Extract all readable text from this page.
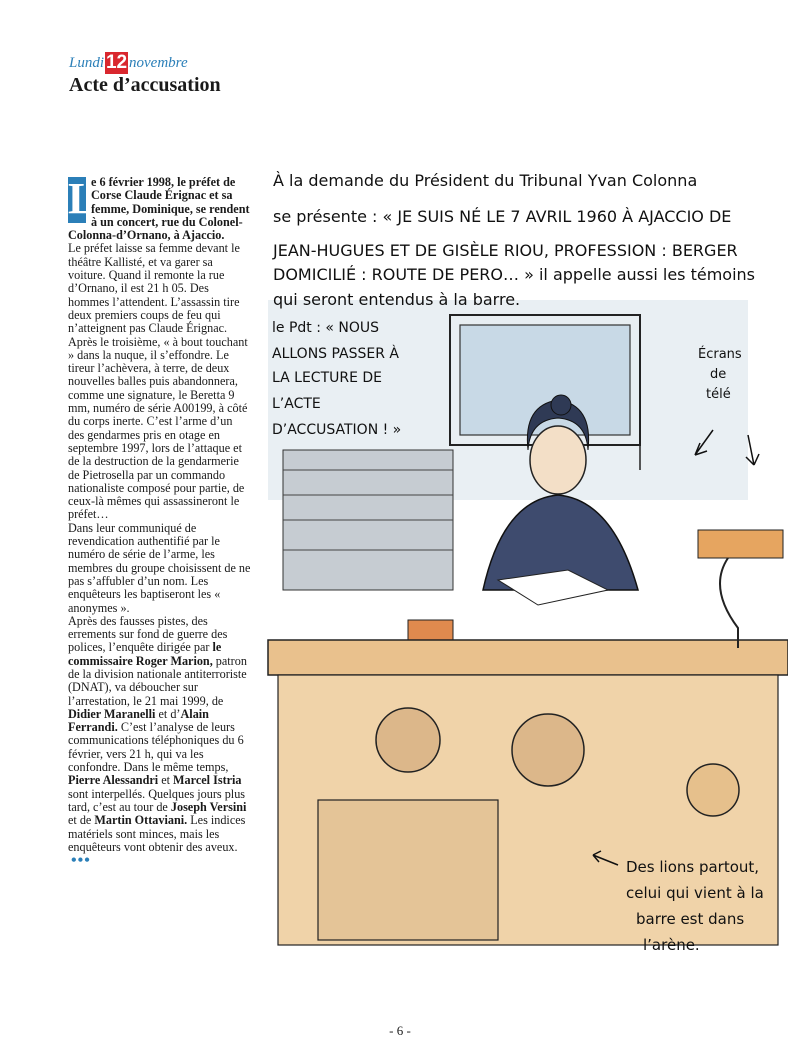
Lundi 12 novembre
Acte d’accusation
L

e 6 février 1998, le préfet de Corse Claude Érignac et sa femme, Dominique, se rendent à un concert, rue du Colonel-Colonna-d’Ornano, à Ajaccio.

Le préfet laisse sa femme devant le théâtre Kallisté, et va garer sa voiture. Quand il remonte la rue d’Ornano, il est 21 h 05. Des hommes l’attendent. L’assassin tire deux premiers coups de feu qui n’atteignent pas Claude Érignac. Après le troisième, « à bout touchant » dans la nuque, il s’effondre. Le tireur l’achèvera, à terre, de deux nouvelles balles puis abandonnera, comme une signature, le Beretta 9 mm, numéro de série A00199, à côté du corps inerte. C’est l’arme d’un des gendarmes pris en otage en septembre 1997, lors de l’attaque et de la destruction de la gendarmerie de Pietrosella par un commando nationaliste composé pour partie, de ceux-là mêmes qui assassineront le préfet…

Dans leur communiqué de revendication authentifié par le numéro de série de l’arme, les membres du groupe choisissent de ne pas s’affubler d’un nom. Les enquêteurs les baptiseront les « anonymes ».

Après des fausses pistes, des errements sur fond de guerre des polices, l’enquête dirigée par le commissaire Roger Marion, patron de la division nationale antiterroriste (DNAT), va déboucher sur l’arrestation, le 21 mai 1999, de Didier Maranelli et d’Alain Ferrandi. C’est l’analyse de leurs communications téléphoniques du 6 février, vers 21 h, qui va les confondre. Dans le même temps, Pierre Alessandri et Marcel Istria sont interpellés. Quelques jours plus tard, c’est au tour de Joseph Versini et de Martin Ottaviani. Les indices matériels sont minces, mais les enquêteurs vont obtenir des aveux. •••

À la demande du Président du Tribunal Yvan Colonna
se présente : « JE SUIS NÉ LE 7 AVRIL 1960 À AJACCIO DE
JEAN-HUGUES ET DE GISÈLE RIOU, PROFESSION : BERGER
DOMICILIÉ : ROUTE DE PERO… » il appelle aussi les témoins
qui seront entendus à la barre.
le Pdt : « NOUS
ALLONS PASSER À
LA LECTURE DE
L’ACTE
D’ACCUSATION ! »
Écrans
de
télé
Des lions partout,
celui qui vient à la
barre est dans
l’arène.
- 6 -
